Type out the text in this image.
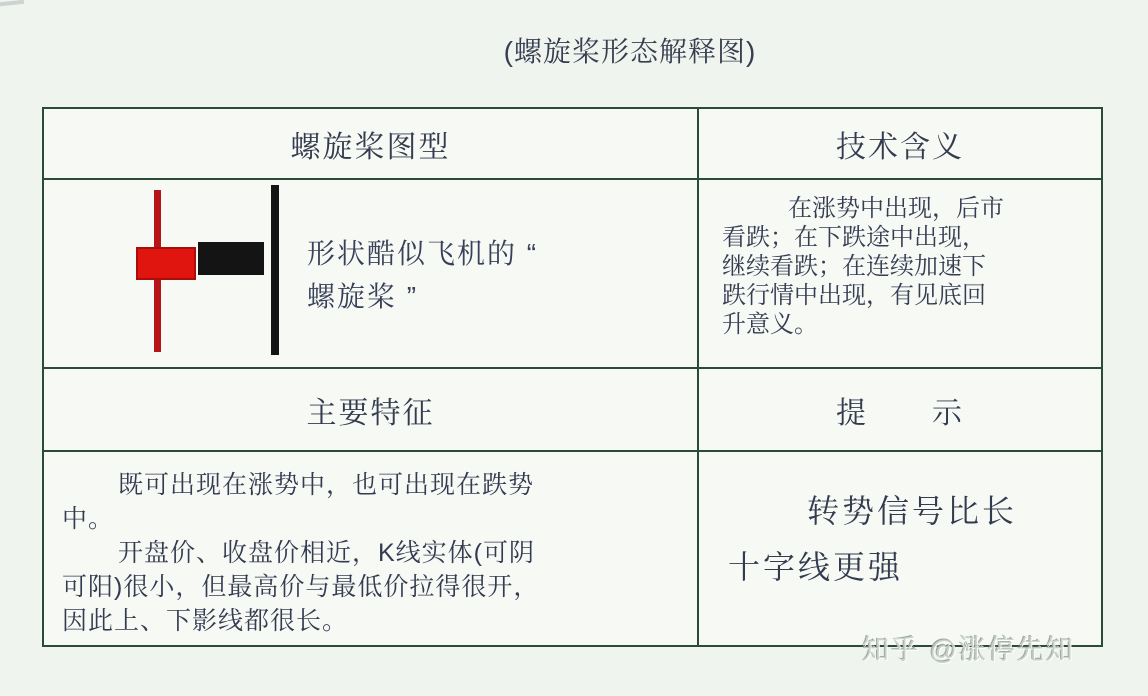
(螺旋桨形态解释图)
螺旋桨图型	技术含义
形状酷似飞机的 “
螺旋桨 ”
在涨势中出现，后市
看跌；在下跌途中出现，
继续看跌；在连续加速下
跌行情中出现，有见底回
升意义。
主要特征	提　　示
既可出现在涨势中，也可出现在跌势
中。
开盘价、收盘价相近，K线实体(可阴
可阳)很小，但最高价与最低价拉得很开，
因此上、下影线都很长。
转势信号比长
十字线更强
知乎 @涨停先知
